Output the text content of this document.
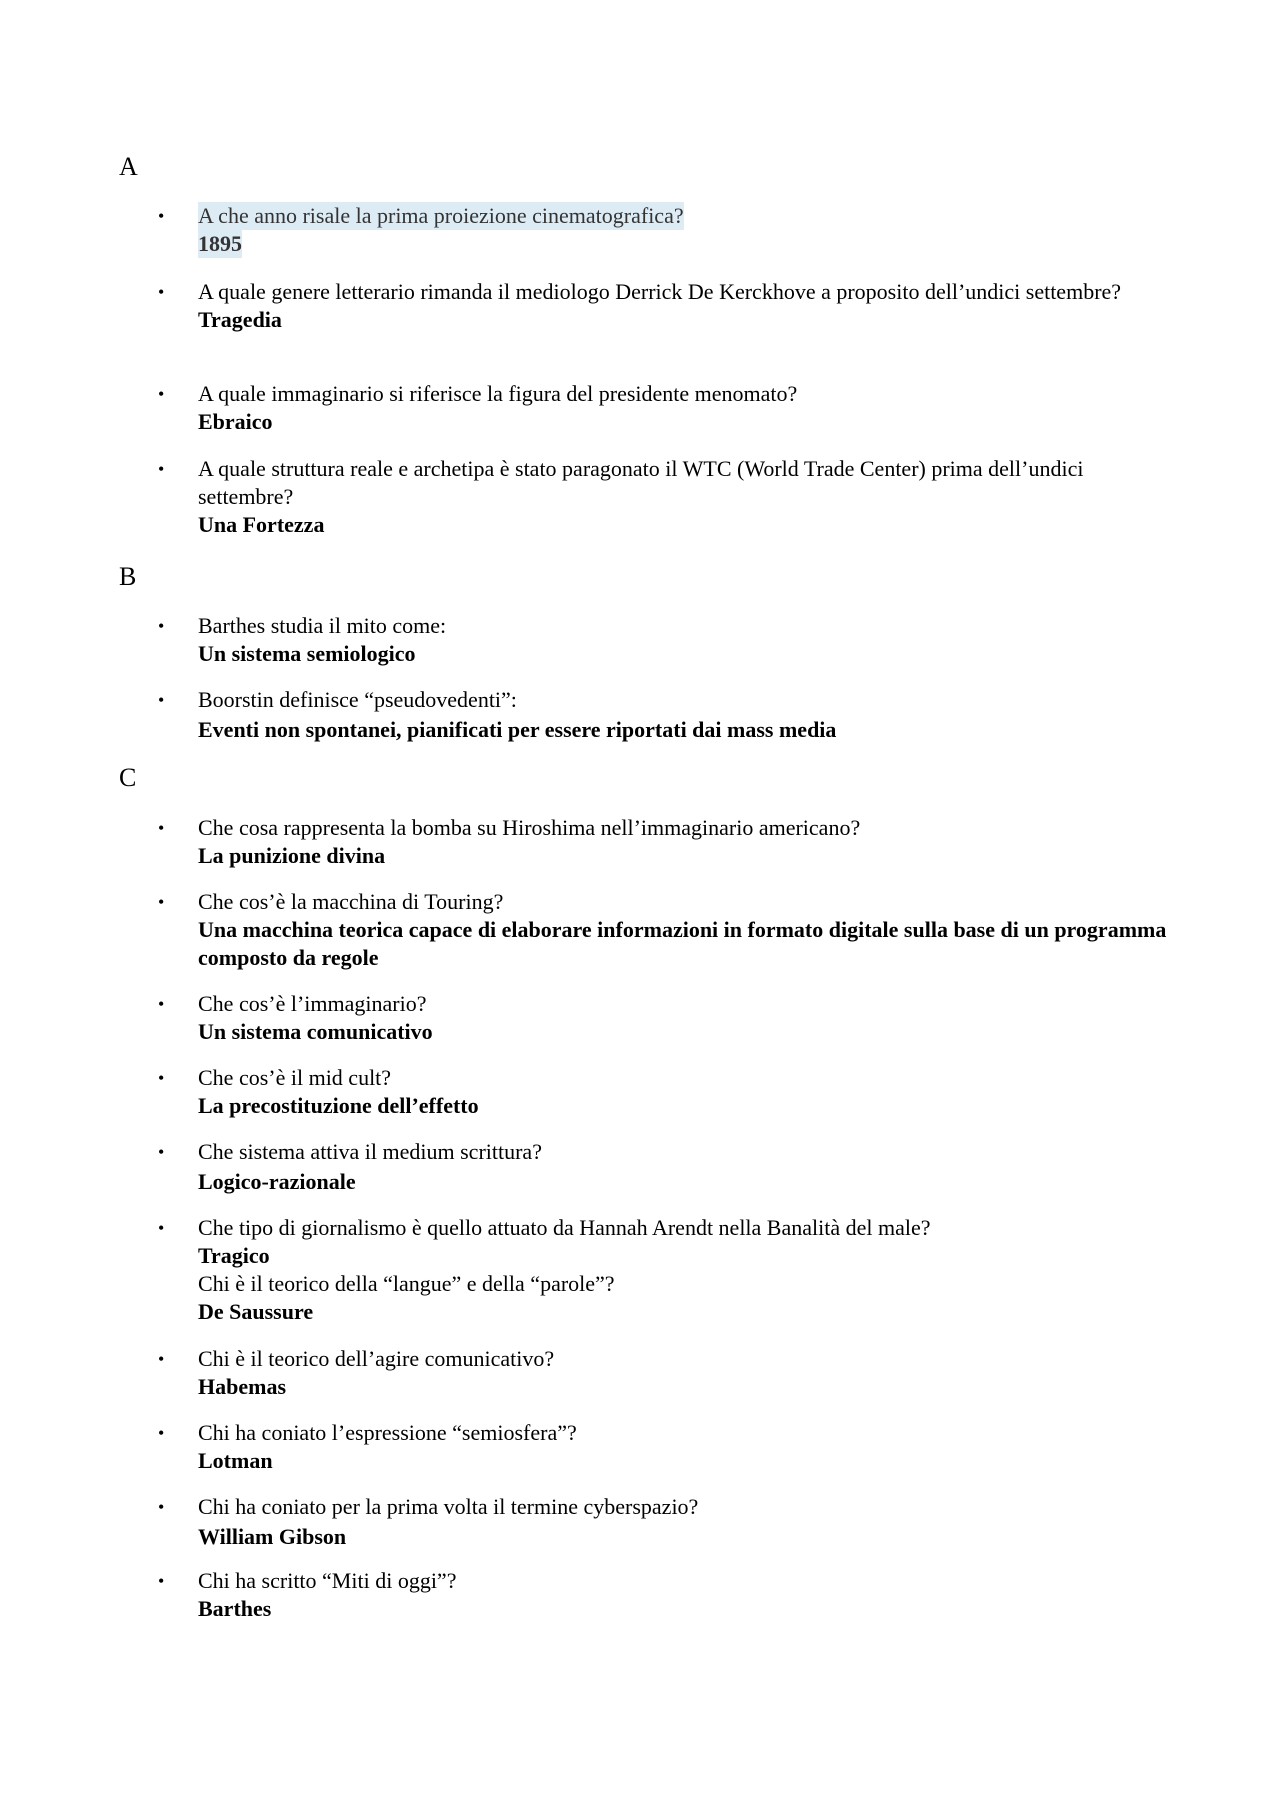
A
• A che anno risale la prima proiezione cinematografica?
1895
• A quale genere letterario rimanda il mediologo Derrick De Kerckhove a proposito dell’undici settembre?
Tragedia
• A quale immaginario si riferisce la figura del presidente menomato?
Ebraico
• A quale struttura reale e archetipa è stato paragonato il WTC (World Trade Center) prima dell’undici settembre?
Una Fortezza
B
• Barthes studia il mito come:
Un sistema semiologico
• Boorstin definisce “pseudovedenti”:
Eventi non spontanei, pianificati per essere riportati dai mass media
C
• Che cosa rappresenta la bomba su Hiroshima nell’immaginario americano?
La punizione divina
• Che cos’è la macchina di Touring?
Una macchina teorica capace di elaborare informazioni in formato digitale sulla base di un programma composto da regole
• Che cos’è l’immaginario?
Un sistema comunicativo
• Che cos’è il mid cult?
La precostituzione dell’effetto
• Che sistema attiva il medium scrittura?
Logico-razionale
• Che tipo di giornalismo è quello attuato da Hannah Arendt nella Banalità del male?
Tragico
Chi è il teorico della “langue” e della “parole”?
De Saussure
• Chi è il teorico dell’agire comunicativo?
Habemas
• Chi ha coniato l’espressione “semiosfera”?
Lotman
• Chi ha coniato per la prima volta il termine cyberspazio?
William Gibson
• Chi ha scritto “Miti di oggi”?
Barthes
